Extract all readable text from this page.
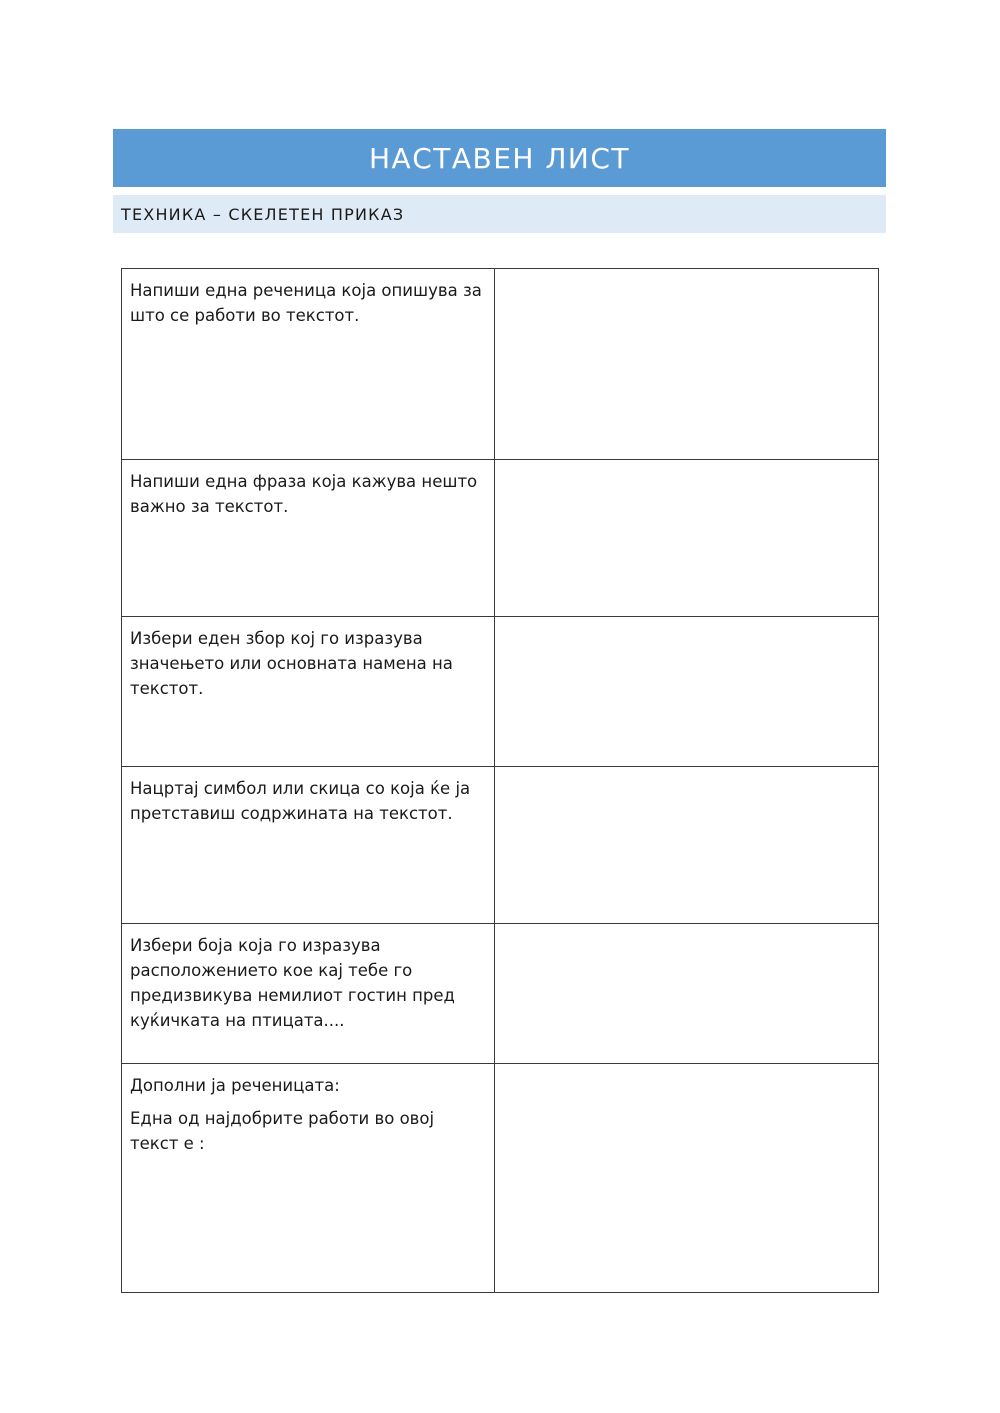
НАСТАВЕН ЛИСТ
ТЕХНИКА – СКЕЛЕТЕН ПРИКАЗ
Напиши една реченица која опишува за што се работи во текстот.	

Напиши една фраза која кажува нешто важно за текстот.	

Избери еден збор кој го изразува значењето или основната намена на текстот.	

Нацртај симбол или скица со која ќе ја претставиш содржината на текстот.	

Избери боја која го изразува расположениeто кое кај тебе го предизвикува немилиот гостин пред куќичката на птицата....	

Дополни ја реченицата:
Една од најдобрите работи во овој текст е :	
